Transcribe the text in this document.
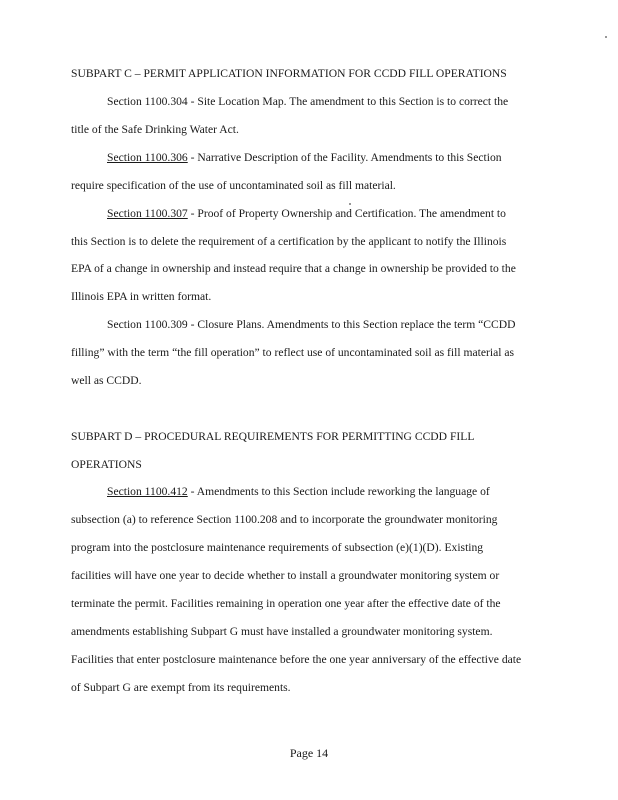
SUBPART C – PERMIT APPLICATION INFORMATION FOR CCDD FILL OPERATIONS
Section 1100.304 - Site Location Map. The amendment to this Section is to correct the
title of the Safe Drinking Water Act.
Section 1100.306 - Narrative Description of the Facility. Amendments to this Section
require specification of the use of uncontaminated soil as fill material.
Section 1100.307 - Proof of Property Ownership and Certification. The amendment to
this Section is to delete the requirement of a certification by the applicant to notify the Illinois
EPA of a change in ownership and instead require that a change in ownership be provided to the
Illinois EPA in written format.
Section 1100.309 - Closure Plans. Amendments to this Section replace the term “CCDD
filling” with the term “the fill operation” to reflect use of uncontaminated soil as fill material as
well as CCDD.
SUBPART D – PROCEDURAL REQUIREMENTS FOR PERMITTING CCDD FILL
OPERATIONS
Section 1100.412 - Amendments to this Section include reworking the language of
subsection (a) to reference Section 1100.208 and to incorporate the groundwater monitoring
program into the postclosure maintenance requirements of subsection (e)(1)(D). Existing
facilities will have one year to decide whether to install a groundwater monitoring system or
terminate the permit. Facilities remaining in operation one year after the effective date of the
amendments establishing Subpart G must have installed a groundwater monitoring system.
Facilities that enter postclosure maintenance before the one year anniversary of the effective date
of Subpart G are exempt from its requirements.
Page 14
